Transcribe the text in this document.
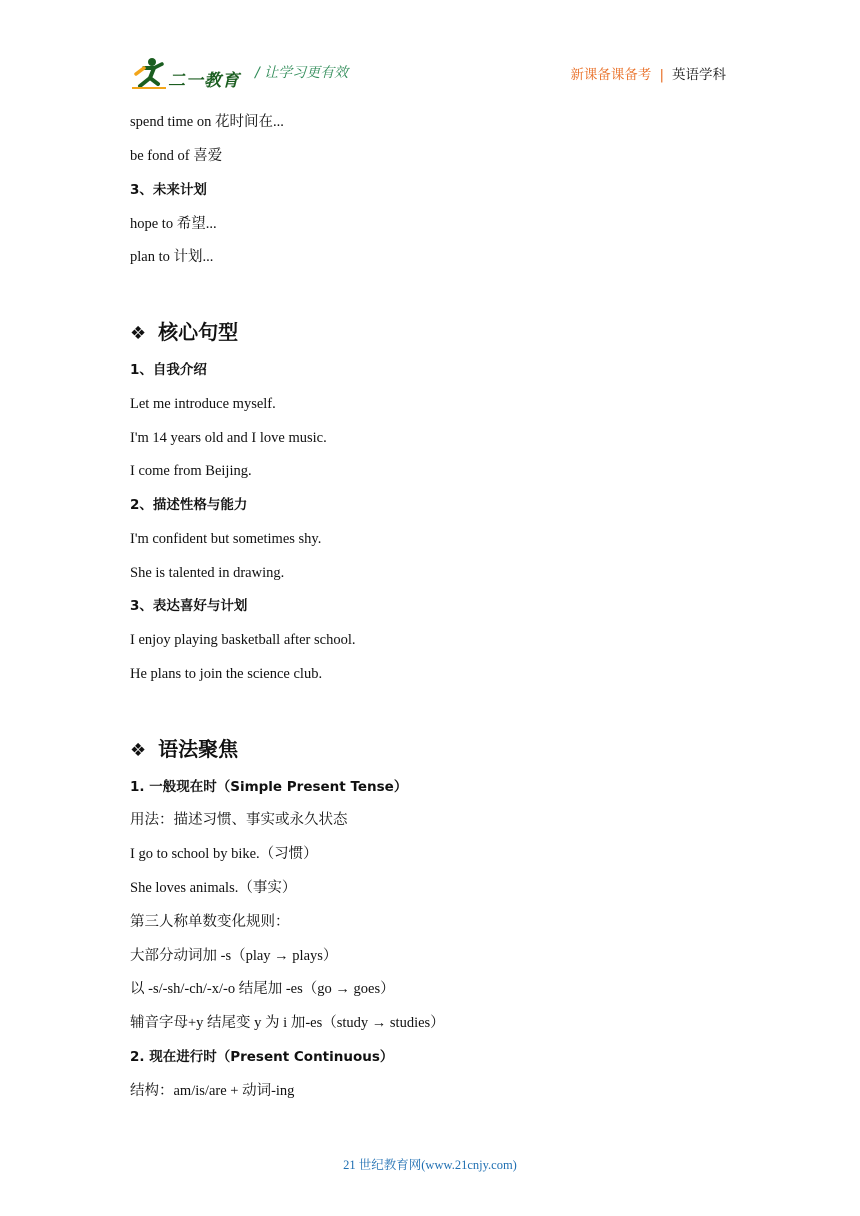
二一教育 / 让学习更有效	新课备课备考 | 英语学科
spend time on 花时间在...
be fond of 喜爱
3、未来计划
hope to 希望...
plan to 计划...
❖ 核心句型
1、自我介绍
Let me introduce myself.
I'm 14 years old and I love music.
I come from Beijing.
2、描述性格与能力
I'm confident but sometimes shy.
She is talented in drawing.
3、表达喜好与计划
I enjoy playing basketball after school.
He plans to join the science club.
❖ 语法聚焦
1. 一般现在时（Simple Present Tense）
用法：描述习惯、事实或永久状态
I go to school by bike.（习惯）
She loves animals.（事实）
第三人称单数变化规则：
大部分动词加 -s（play → plays）
以 -s/-sh/-ch/-x/-o 结尾加 -es（go → goes）
辅音字母+y 结尾变 y 为 i 加-es（study → studies）
2. 现在进行时（Present Continuous）
结构：am/is/are + 动词-ing
21 世纪教育网(www.21cnjy.com)
